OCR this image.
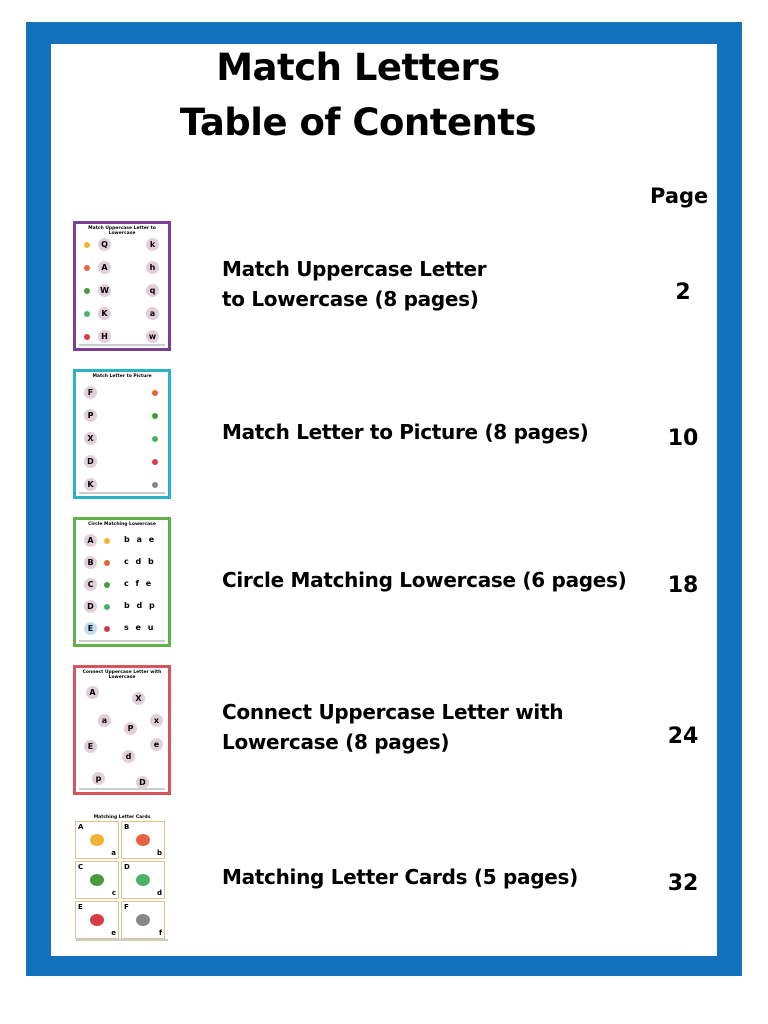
Match Letters
Table of Contents
Page
Match Uppercase Letter to Lowercase
Q
A
W
K
H
k
h
q
a
w
Match Uppercase Letter
to Lowercase (8 pages)	2
Match Letter to Picture
F
P
X
D
K
Match Letter to Picture (8 pages)	10
Circle Matching Lowercase
A	b a e
B	c d b
C	c f e
D	b d p
E	s e u
Circle Matching Lowercase (6 pages)	18
Connect Uppercase Letter with Lowercase
A
X
a
P
x
E
d
e
p	D
Connect Uppercase Letter with
Lowercase (8 pages)	24
Matching Letter Cards
A
a
B
b
C
c
D
d
E
e
F
f
Matching Letter Cards (5 pages)	32
